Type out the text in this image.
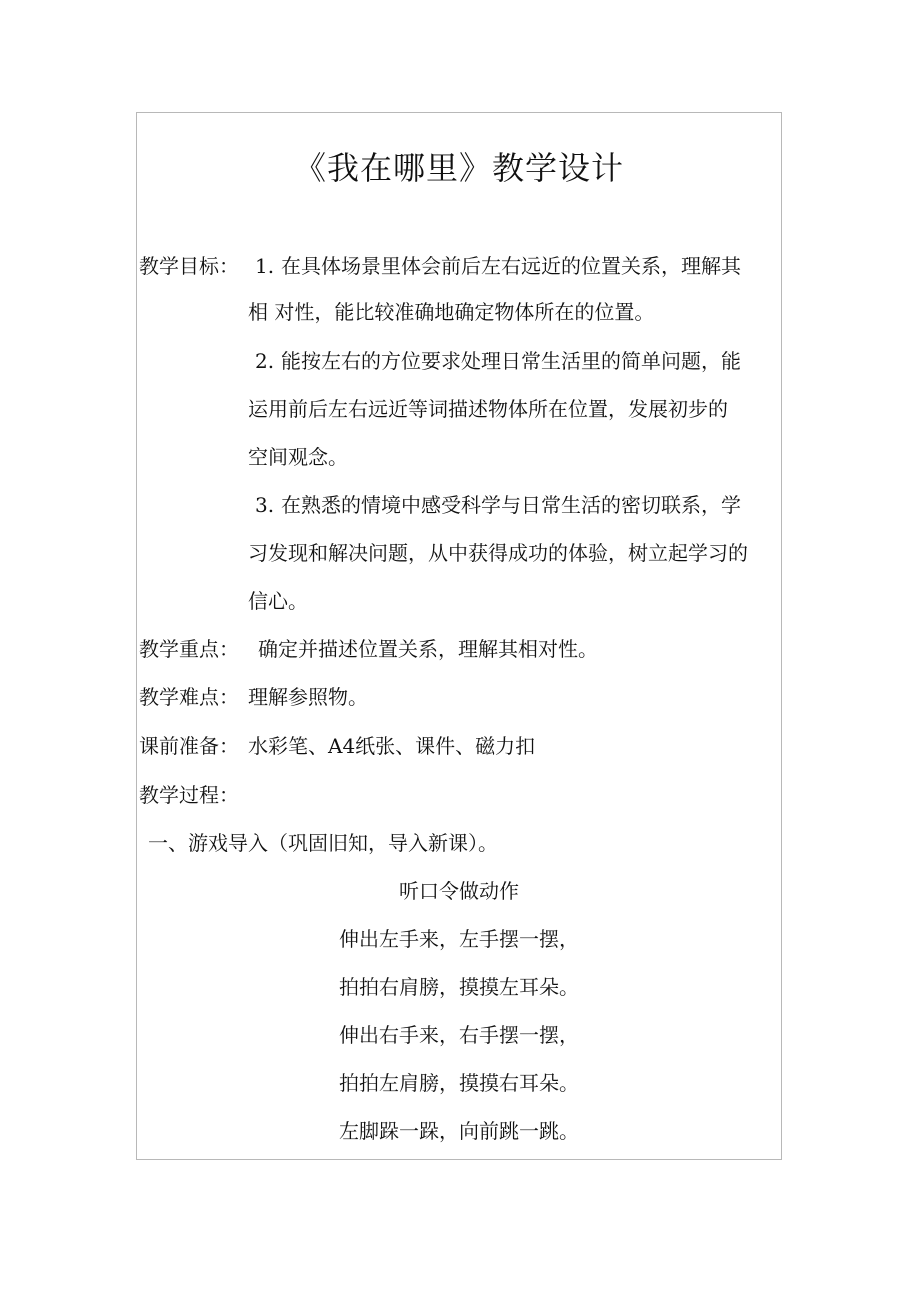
《我在哪里》教学设计
教学目标： 1. 在具体场景里体会前后左右远近的位置关系，理解其
相 对性，能比较准确地确定物体所在的位置。
2. 能按左右的方位要求处理日常生活里的简单问题，能
运用前后左右远近等词描述物体所在位置，发展初步的
空间观念。
3. 在熟悉的情境中感受科学与日常生活的密切联系，学
习发现和解决问题，从中获得成功的体验，树立起学习的
信心。
教学重点： 确定并描述位置关系，理解其相对性。
教学难点： 理解参照物。
课前准备： 水彩笔、A4纸张、课件、磁力扣
教学过程：
一、游戏导入（巩固旧知，导入新课）。
听口令做动作
伸出左手来，左手摆一摆，
拍拍右肩膀，摸摸左耳朵。
伸出右手来，右手摆一摆，
拍拍左肩膀，摸摸右耳朵。
左脚跺一跺，向前跳一跳。
